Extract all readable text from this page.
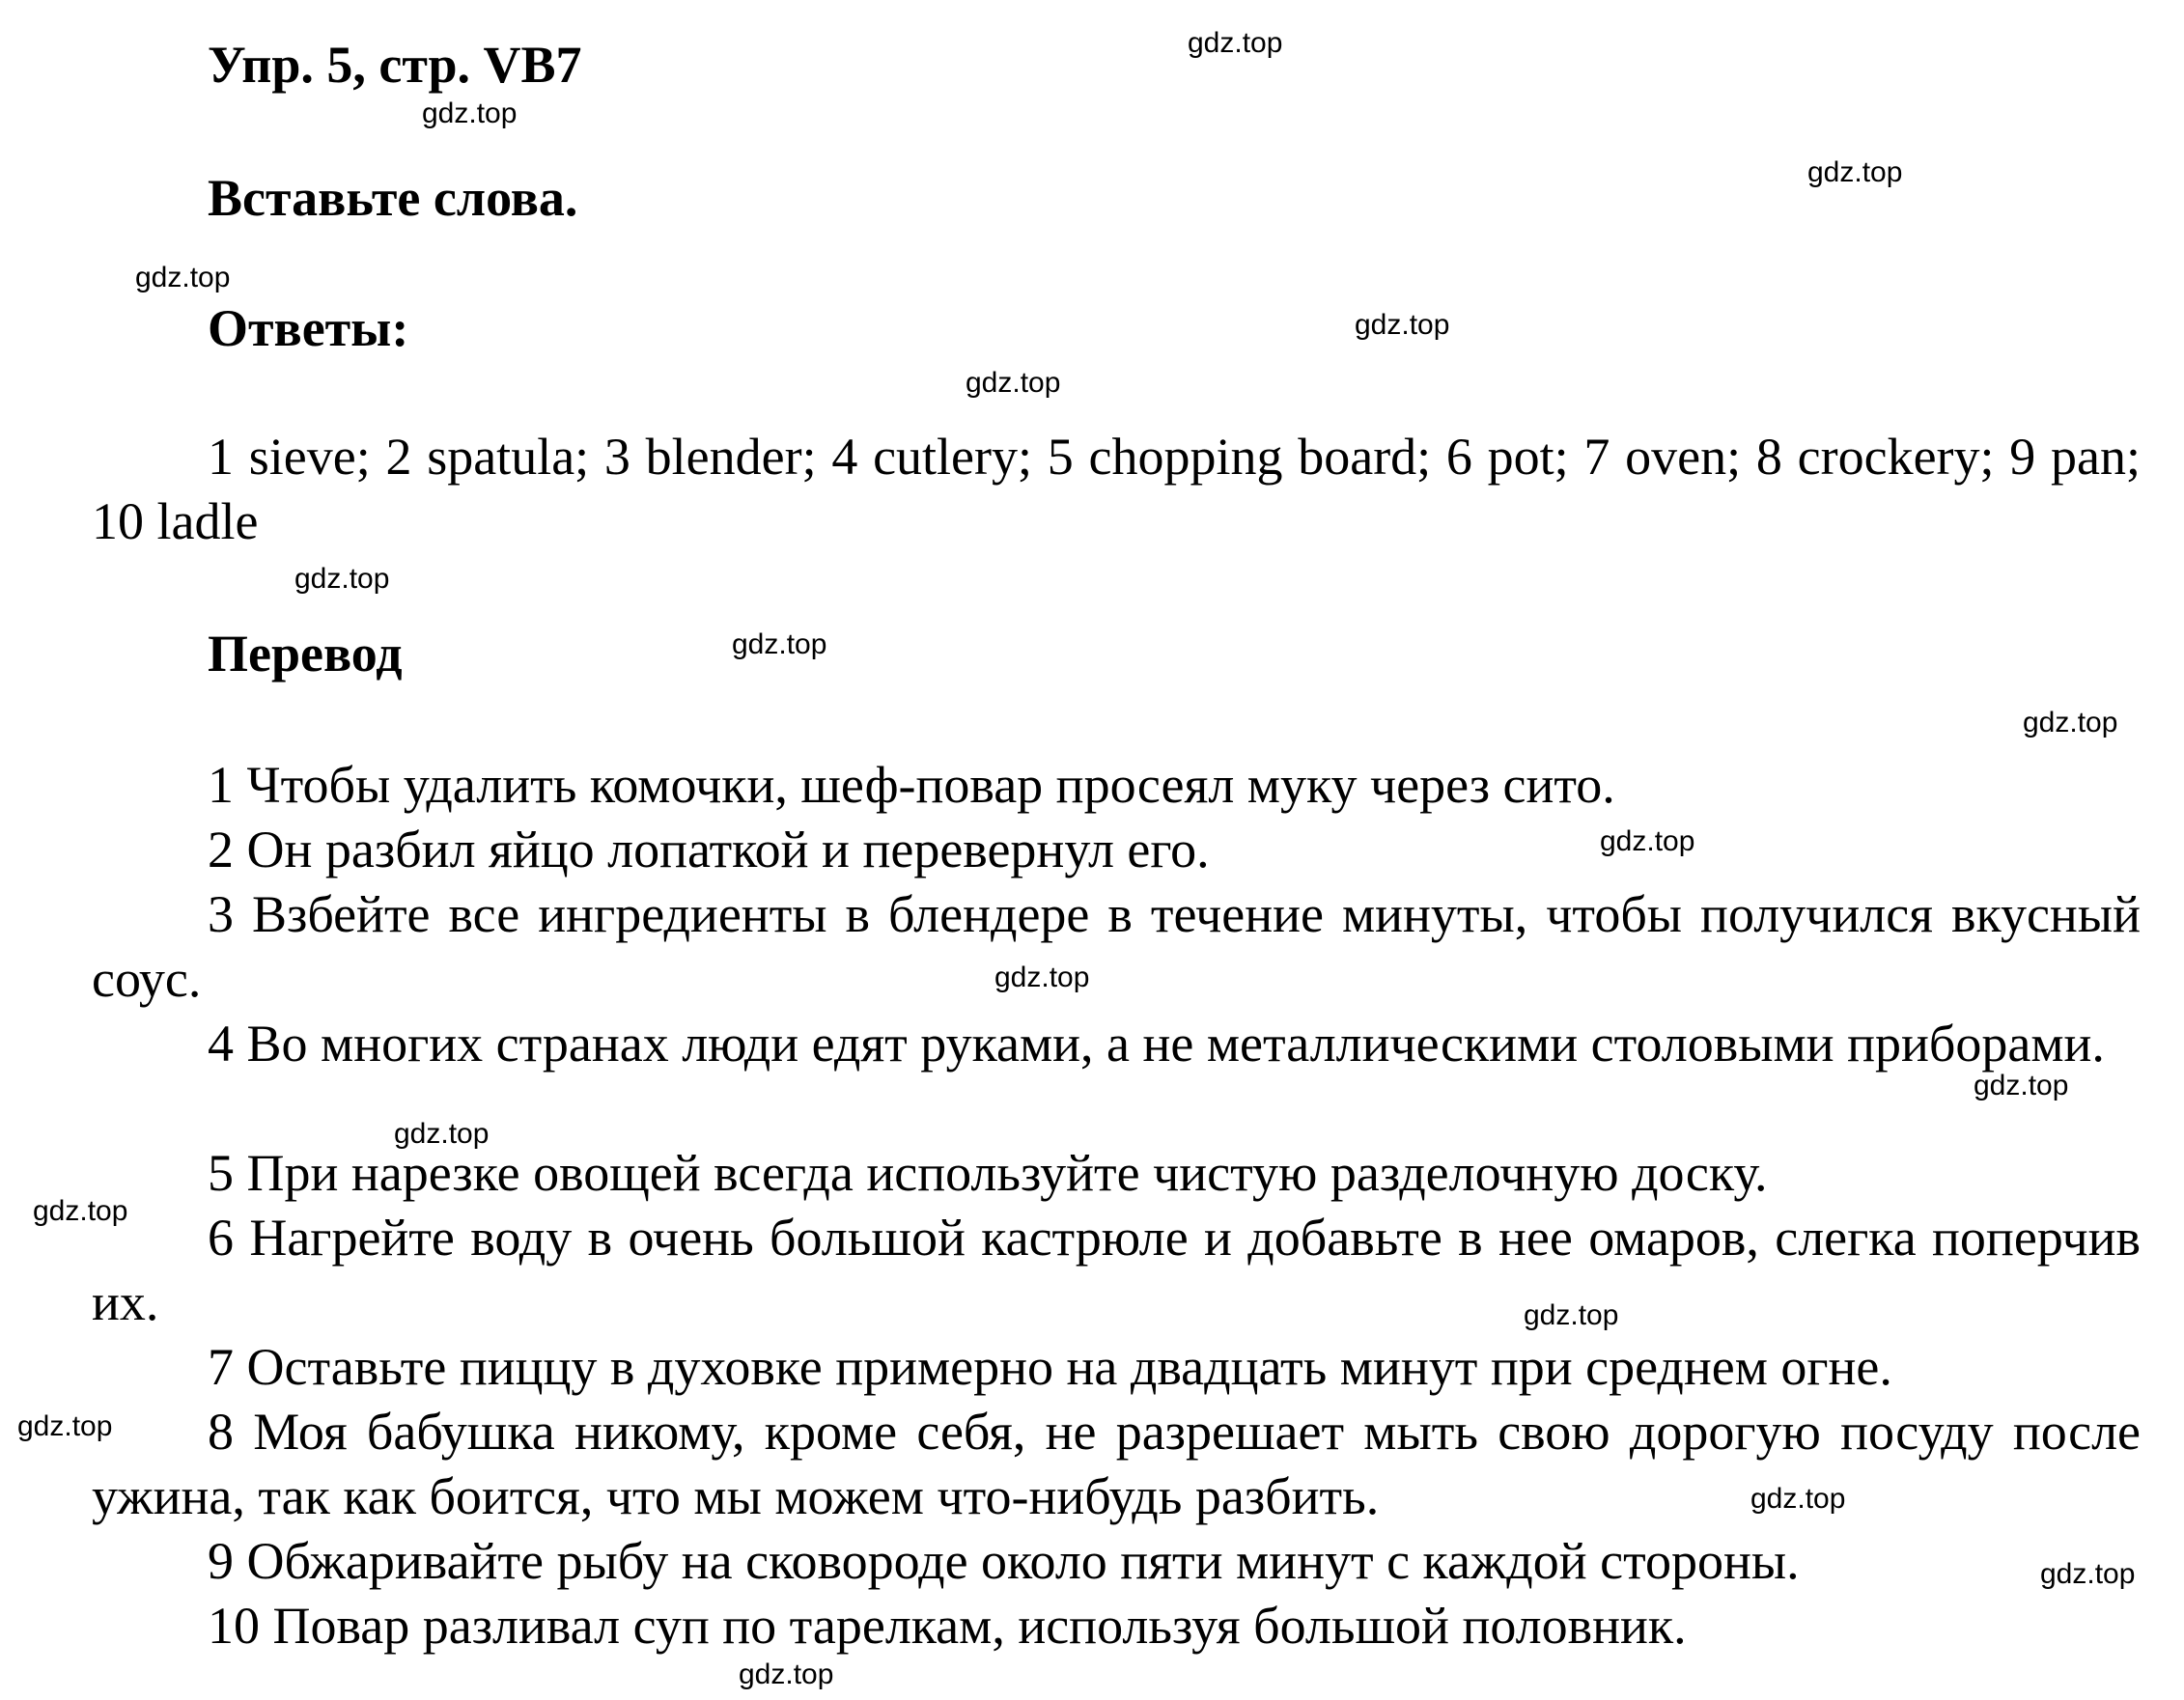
Упр. 5, стр. VB7
Вставьте слова.
Ответы:

1 sieve; 2 spatula; 3 blender; 4 cutlery; 5 chopping board; 6 pot; 7 oven; 8 crockery; 9 pan; 10 ladle

Перевод

1 Чтобы удалить комочки, шеф-повар просеял муку через сито.

2 Он разбил яйцо лопаткой и перевернул его.

3 Взбейте все ингредиенты в блендере в течение минуты, чтобы получился вкусный соус.

4 Во многих странах люди едят руками, а не металлическими столовыми приборами.

5 При нарезке овощей всегда используйте чистую разделочную доску.

6 Нагрейте воду в очень большой кастрюле и добавьте в нее омаров, слегка поперчив их.

7 Оставьте пиццу в духовке примерно на двадцать минут при среднем огне.

8 Моя бабушка никому, кроме себя, не разрешает мыть свою дорогую посуду после ужина, так как боится, что мы можем что-нибудь разбить.

9 Обжаривайте рыбу на сковороде около пяти минут с каждой стороны.

10 Повар разливал суп по тарелкам, используя большой половник.

gdz.top
gdz.top
gdz.top
gdz.top
gdz.top
gdz.top
gdz.top
gdz.top
gdz.top
gdz.top
gdz.top
gdz.top
gdz.top
gdz.top
gdz.top
gdz.top
gdz.top
gdz.top
gdz.top
